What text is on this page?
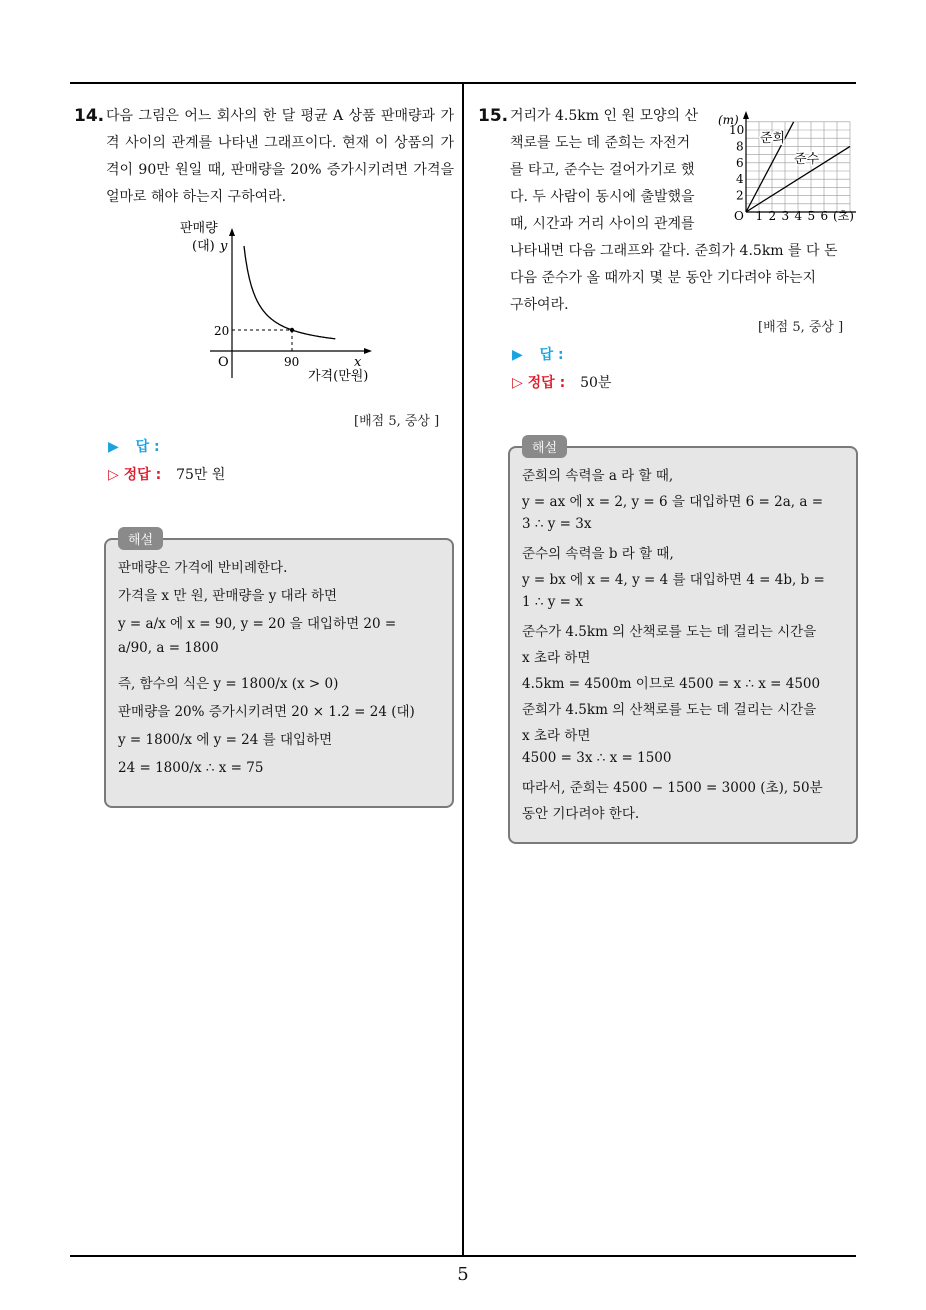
5
14. 다음 그림은 어느 회사의 한 달 평균 A 상품 판매량과 가격 사이의 관계를 나타낸 그래프이다. 현재 이 상품의 가격이 90만 원일 때, 판매량을 20% 증가시키려면 가격을 얼마로 해야 하는지 구하여라.
판매량
(대) y
20
O	90	x
가격(만원)
[배점 5, 중상 ]
▶ 답 :
▷ 정답 : 75만 원
판매량은 가격에 반비례한다.
가격을 x 만 원, 판매량을 y 대라 하면
y = a/x 에 x = 90, y = 20 을 대입하면 20 =
a/90, a = 1800
즉, 함수의 식은 y = 1800/x (x > 0)
판매량을 20% 증가시키려면 20 × 1.2 = 24 (대)
y = 1800/x 에 y = 24 를 대입하면
24 = 1800/x ∴ x = 75
해설
15. 거리가 4.5km 인 원 모양의 산
책로를 도는 데 준희는 자전거
를 타고, 준수는 걸어가기로 했
다. 두 사람이 동시에 출발했을
때, 시간과 거리 사이의 관계를
나타내면 다음 그래프와 같다. 준희가 4.5km 를 다 돈
다음 준수가 올 때까지 몇 분 동안 기다려야 하는지
구하여라.
준희
준수
(m)
O	(초)
1 2 3 4 5 6
10
8
6
4
2
[배점 5, 중상 ]
▶ 답 :
▷ 정답 : 50분
준희의 속력을 a 라 할 때,
y = ax 에 x = 2, y = 6 을 대입하면 6 = 2a, a =
3 ∴ y = 3x
준수의 속력을 b 라 할 때,
y = bx 에 x = 4, y = 4 를 대입하면 4 = 4b, b =
1 ∴ y = x
준수가 4.5km 의 산책로를 도는 데 걸리는 시간을
x 초라 하면
4.5km = 4500m 이므로 4500 = x ∴ x = 4500
준희가 4.5km 의 산책로를 도는 데 걸리는 시간을
x 초라 하면
4500 = 3x ∴ x = 1500
따라서, 준희는 4500 − 1500 = 3000 (초), 50분
동안 기다려야 한다.
해설
